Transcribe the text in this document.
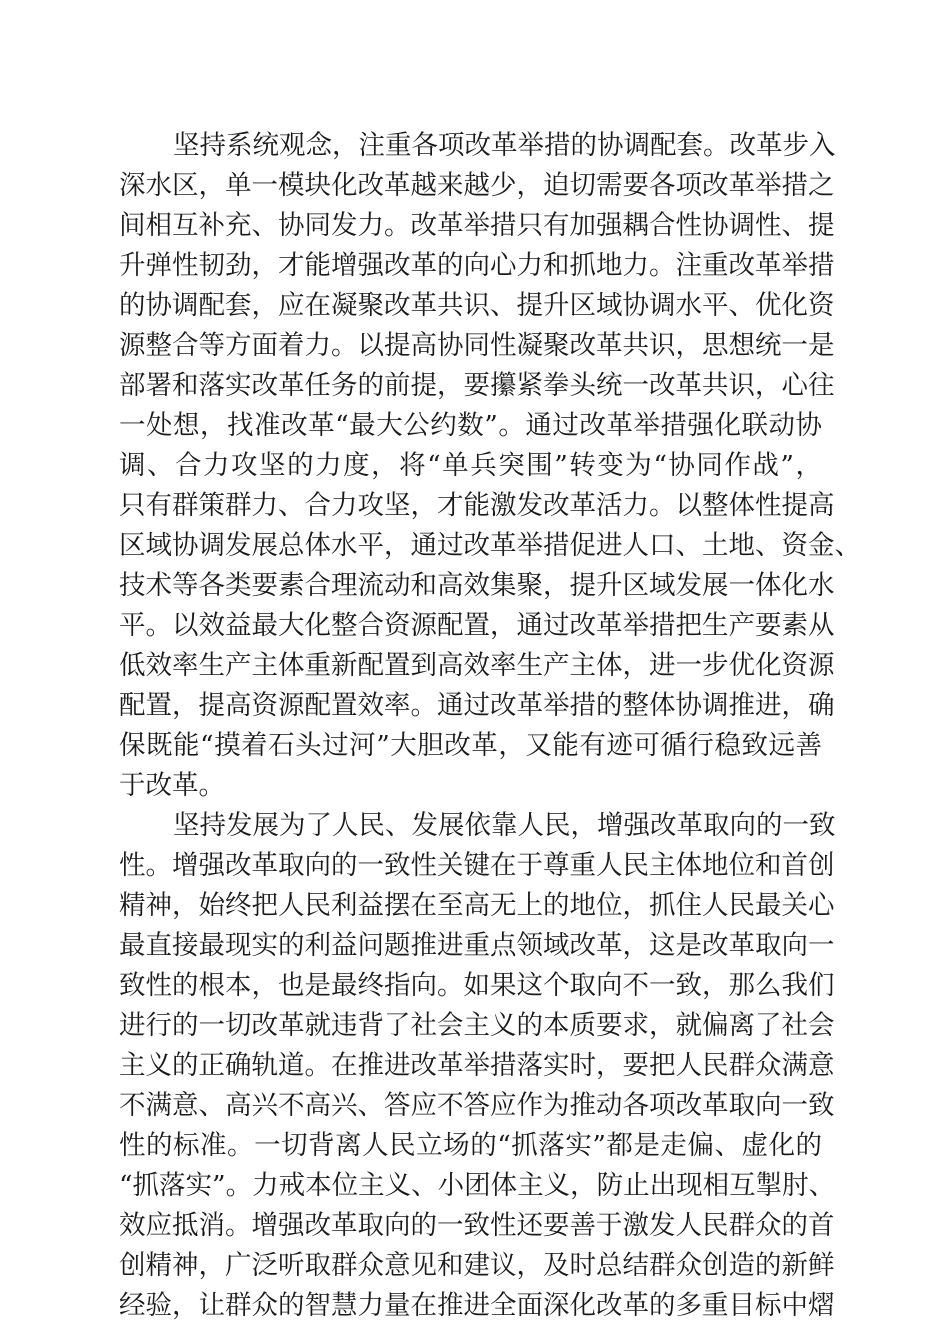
坚持系统观念，注重各项改革举措的协调配套。改革步入
深水区，单一模块化改革越来越少，迫切需要各项改革举措之
间相互补充、协同发力。改革举措只有加强耦合性协调性、提
升弹性韧劲，才能增强改革的向心力和抓地力。注重改革举措
的协调配套，应在凝聚改革共识、提升区域协调水平、优化资
源整合等方面着力。以提高协同性凝聚改革共识，思想统一是
部署和落实改革任务的前提，要攥紧拳头统一改革共识，心往
一处想，找准改革“最大公约数”。通过改革举措强化联动协
调、合力攻坚的力度，将“单兵突围”转变为“协同作战”，
只有群策群力、合力攻坚，才能激发改革活力。以整体性提高
区域协调发展总体水平，通过改革举措促进人口、土地、资金、
技术等各类要素合理流动和高效集聚，提升区域发展一体化水
平。以效益最大化整合资源配置，通过改革举措把生产要素从
低效率生产主体重新配置到高效率生产主体，进一步优化资源
配置，提高资源配置效率。通过改革举措的整体协调推进，确
保既能“摸着石头过河”大胆改革，又能有迹可循行稳致远善
于改革。
坚持发展为了人民、发展依靠人民，增强改革取向的一致
性。增强改革取向的一致性关键在于尊重人民主体地位和首创
精神，始终把人民利益摆在至高无上的地位，抓住人民最关心
最直接最现实的利益问题推进重点领域改革，这是改革取向一
致性的根本，也是最终指向。如果这个取向不一致，那么我们
进行的一切改革就违背了社会主义的本质要求，就偏离了社会
主义的正确轨道。在推进改革举措落实时，要把人民群众满意
不满意、高兴不高兴、答应不答应作为推动各项改革取向一致
性的标准。一切背离人民立场的“抓落实”都是走偏、虚化的
“抓落实”。力戒本位主义、小团体主义，防止出现相互掣肘、
效应抵消。增强改革取向的一致性还要善于激发人民群众的首
创精神，广泛听取群众意见和建议，及时总结群众创造的新鲜
经验，让群众的智慧力量在推进全面深化改革的多重目标中熠
